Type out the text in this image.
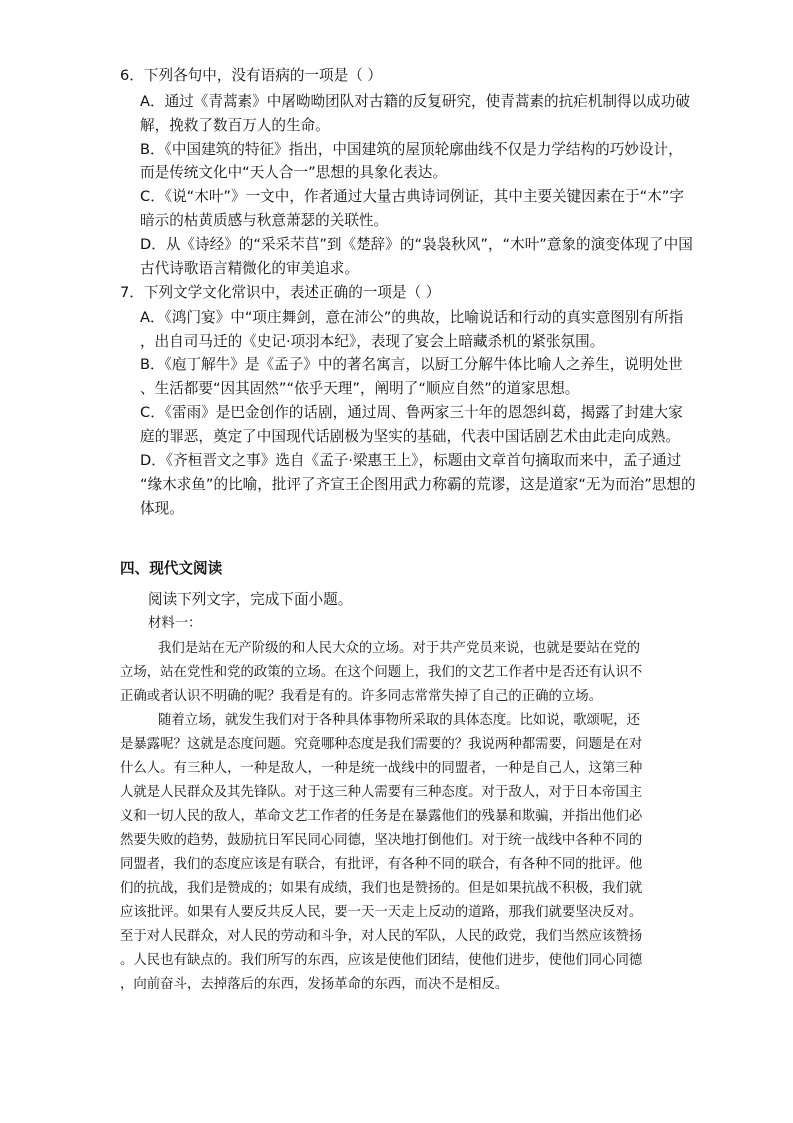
6．下列各句中，没有语病的一项是（ ）
A．通过《青蒿素》中屠呦呦团队对古籍的反复研究，使青蒿素的抗疟机制得以成功破
解，挽救了数百万人的生命。
B．《中国建筑的特征》指出，中国建筑的屋顶轮廓曲线不仅是力学结构的巧妙设计，
而是传统文化中“天人合一”思想的具象化表达。
C．《说“木叶”》一文中，作者通过大量古典诗词例证，其中主要关键因素在于“木”字
暗示的枯黄质感与秋意萧瑟的关联性。
D．从《诗经》的“采采芣苢”到《楚辞》的“袅袅秋风”，“木叶”意象的演变体现了中国
古代诗歌语言精微化的审美追求。
7．下列文学文化常识中，表述正确的一项是（ ）
A．《鸿门宴》中“项庄舞剑，意在沛公”的典故，比喻说话和行动的真实意图别有所指
，出自司马迁的《史记·项羽本纪》，表现了宴会上暗藏杀机的紧张氛围。
B．《庖丁解牛》是《孟子》中的著名寓言，以厨工分解牛体比喻人之养生，说明处世
、生活都要“因其固然”“依乎天理”，阐明了“顺应自然”的道家思想。
C．《雷雨》是巴金创作的话剧，通过周、鲁两家三十年的恩怨纠葛，揭露了封建大家
庭的罪恶，奠定了中国现代话剧极为坚实的基础，代表中国话剧艺术由此走向成熟。
D．《齐桓晋文之事》选自《孟子·梁惠王上》，标题由文章首句摘取而来中，孟子通过
“缘木求鱼”的比喻，批评了齐宣王企图用武力称霸的荒谬，这是道家“无为而治”思想的
体现。
四、现代文阅读
阅读下列文字，完成下面小题。
材料一：
我们是站在无产阶级的和人民大众的立场。对于共产党员来说，也就是要站在党的
立场，站在党性和党的政策的立场。在这个问题上，我们的文艺工作者中是否还有认识不
正确或者认识不明确的呢？我看是有的。许多同志常常失掉了自己的正确的立场。
随着立场，就发生我们对于各种具体事物所采取的具体态度。比如说，歌颂呢，还
是暴露呢？这就是态度问题。究竟哪种态度是我们需要的？我说两种都需要，问题是在对
什么人。有三种人，一种是敌人，一种是统一战线中的同盟者，一种是自己人，这第三种
人就是人民群众及其先锋队。对于这三种人需要有三种态度。对于敌人，对于日本帝国主
义和一切人民的敌人，革命文艺工作者的任务是在暴露他们的残暴和欺骗，并指出他们必
然要失败的趋势，鼓励抗日军民同心同德，坚决地打倒他们。对于统一战线中各种不同的
同盟者，我们的态度应该是有联合，有批评，有各种不同的联合，有各种不同的批评。他
们的抗战，我们是赞成的；如果有成绩，我们也是赞扬的。但是如果抗战不积极，我们就
应该批评。如果有人要反共反人民，要一天一天走上反动的道路，那我们就要坚决反对。
至于对人民群众，对人民的劳动和斗争，对人民的军队，人民的政党，我们当然应该赞扬
。人民也有缺点的。我们所写的东西，应该是使他们团结，使他们进步，使他们同心同德
，向前奋斗，去掉落后的东西，发扬革命的东西，而决不是相反。
